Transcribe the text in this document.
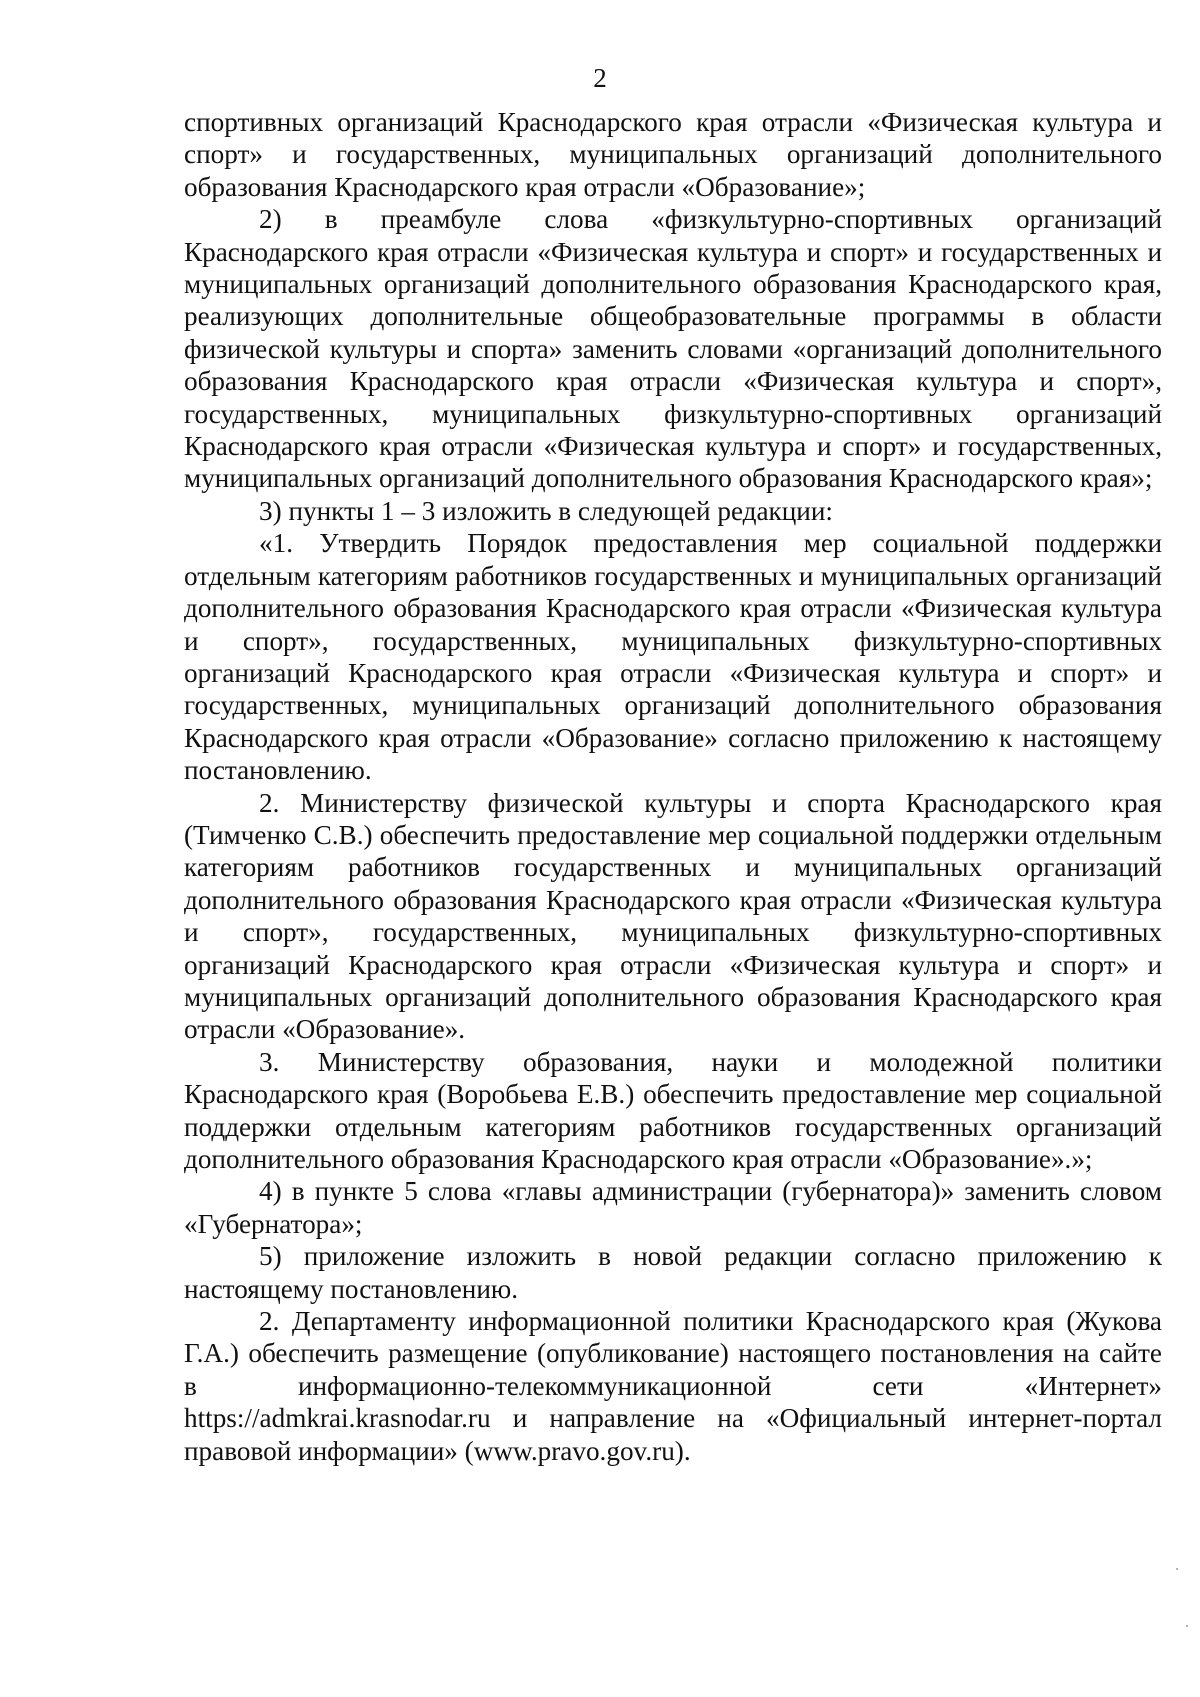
2

спортивных организаций Краснодарского края отрасли «Физическая культура и спорт» и государственных, муниципальных организаций дополнительного образования Краснодарского края отрасли «Образование»;

2) в преамбуле слова «физкультурно-спортивных организаций Краснодарского края отрасли «Физическая культура и спорт» и государственных и муниципальных организаций дополнительного образования Краснодарского края, реализующих дополнительные общеобразовательные программы в области физической культуры и спорта» заменить словами «организаций дополнительного образования Краснодарского края отрасли «Физическая культура и спорт», государственных, муниципальных физкультурно-спортивных организаций Краснодарского края отрасли «Физическая культура и спорт» и государственных, муниципальных организаций дополнительного образования Краснодарского края»;

3) пункты 1 – 3 изложить в следующей редакции:

«1. Утвердить Порядок предоставления мер социальной поддержки отдельным категориям работников государственных и муниципальных организаций дополнительного образования Краснодарского края отрасли «Физическая культура и спорт», государственных, муниципальных физкультурно-спортивных организаций Краснодарского края отрасли «Физическая культура и спорт» и государственных, муниципальных организаций дополнительного образования Краснодарского края отрасли «Образование» согласно приложению к настоящему постановлению.

2. Министерству физической культуры и спорта Краснодарского края (Тимченко С.В.) обеспечить предоставление мер социальной поддержки отдельным категориям работников государственных и муниципальных организаций дополнительного образования Краснодарского края отрасли «Физическая культура и спорт», государственных, муниципальных физкультурно-спортивных организаций Краснодарского края отрасли «Физическая культура и спорт» и муниципальных организаций дополнительного образования Краснодарского края отрасли «Образование».

3. Министерству образования, науки и молодежной политики Краснодарского края (Воробьева Е.В.) обеспечить предоставление мер социальной поддержки отдельным категориям работников государственных организаций дополнительного образования Краснодарского края отрасли «Образование».»;

4) в пункте 5 слова «главы администрации (губернатора)» заменить словом «Губернатора»;

5) приложение изложить в новой редакции согласно приложению к настоящему постановлению.

2. Департаменту информационной политики Краснодарского края (Жукова Г.А.) обеспечить размещение (опубликование) настоящего постановления на сайте в информационно-телекоммуникационной сети «Интернет» https://admkrai.krasnodar.ru и направление на «Официальный интернет-портал правовой информации» (www.pravo.gov.ru).
